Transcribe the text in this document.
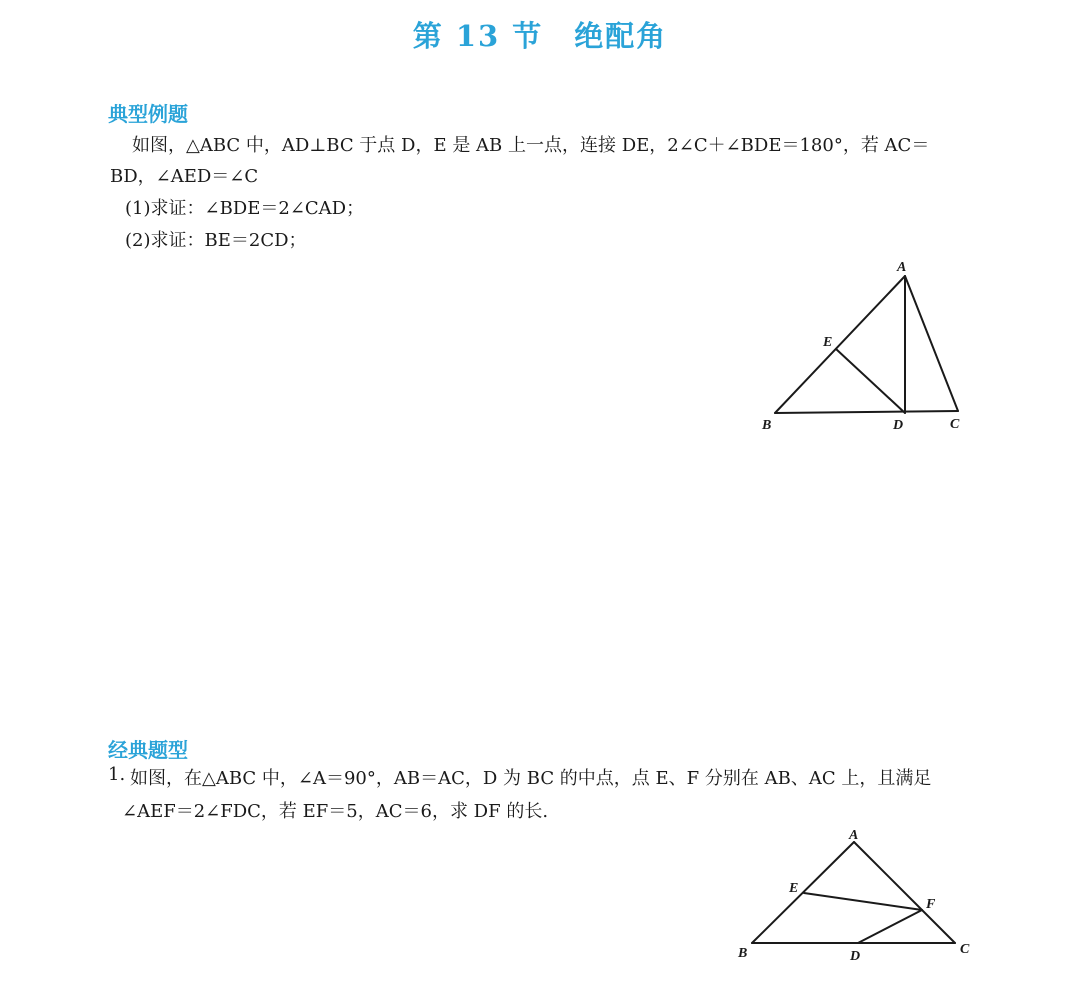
第 13 节　绝配角
典型例题
如图，△ABC 中，AD⊥BC 于点 D，E 是 AB 上一点，连接 DE，2∠C＋∠BDE＝180°，若 AC＝
BD，∠AED＝∠C
(1)求证：∠BDE＝2∠CAD；
(2)求证：BE＝2CD；
A
B	C
D
E
经典题型
1. 如图，在△ABC 中，∠A＝90°，AB＝AC，D 为 BC 的中点，点 E、F 分别在 AB、AC 上，且满足
∠AEF＝2∠FDC，若 EF＝5，AC＝6，求 DF 的长.
A
B	C
D
E
F
